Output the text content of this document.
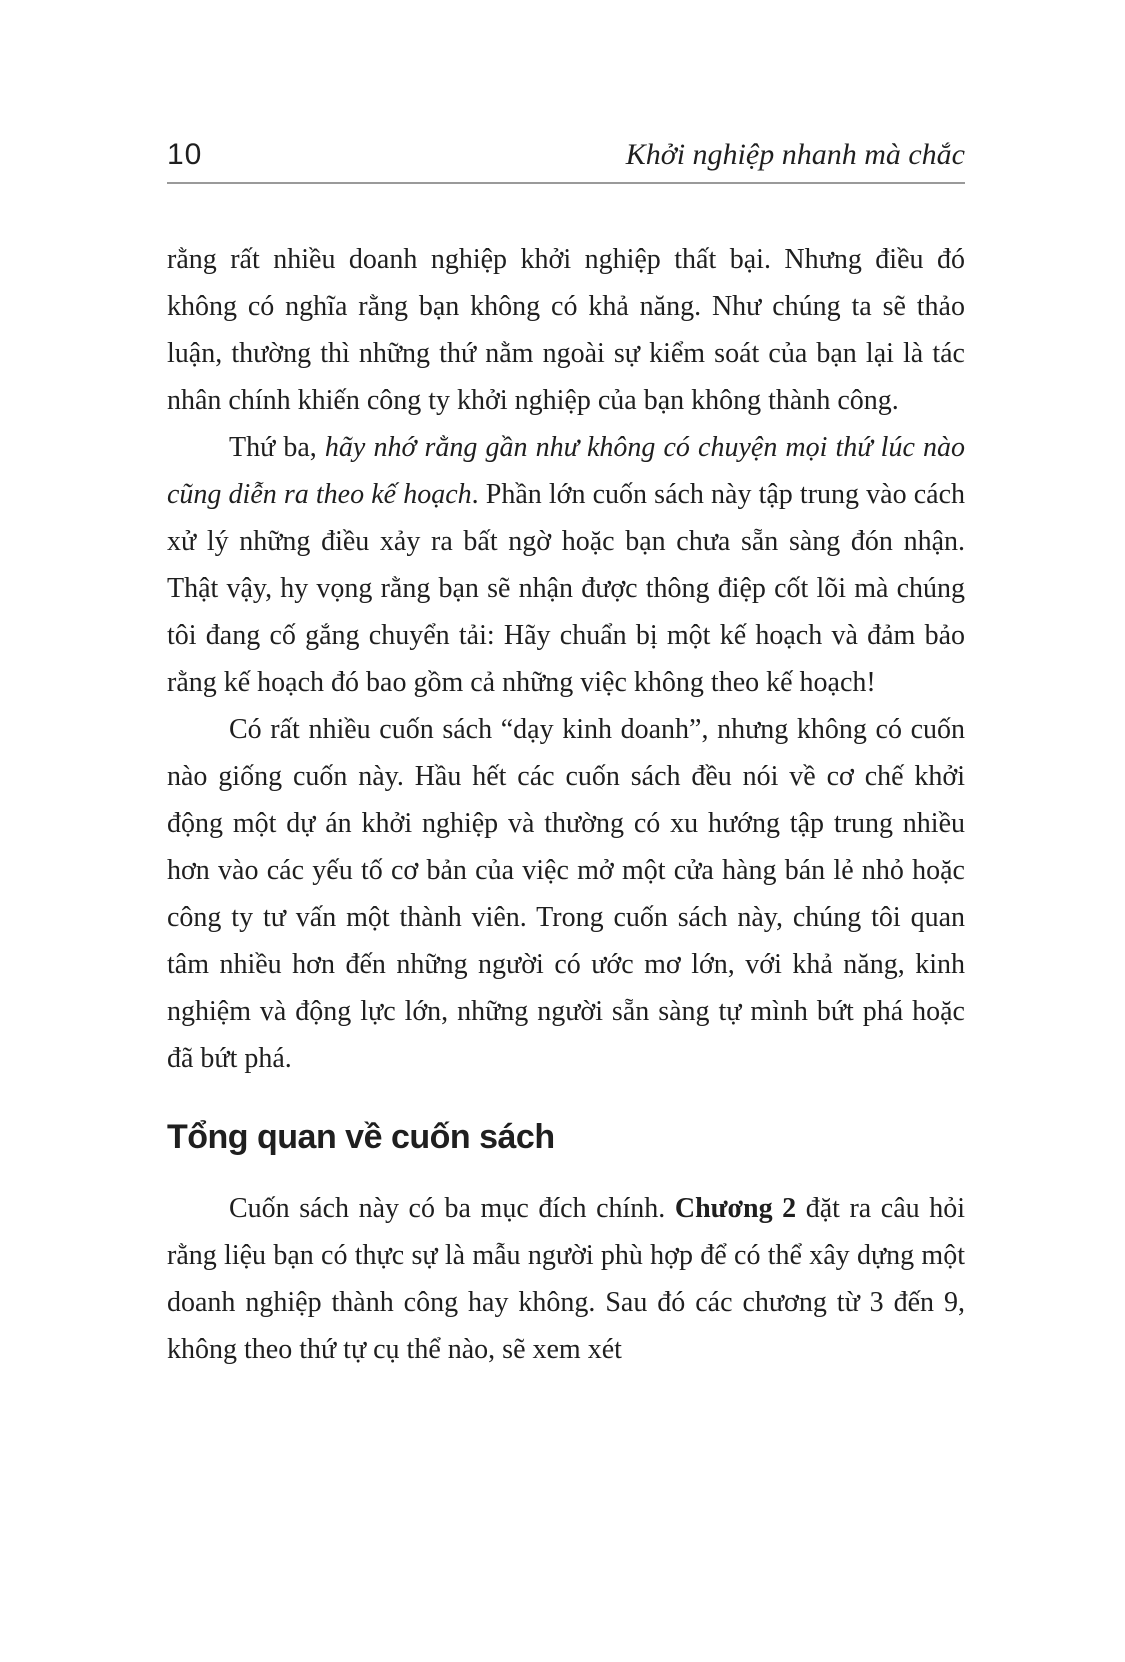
10	Khởi nghiệp nhanh mà chắc

rằng rất nhiều doanh nghiệp khởi nghiệp thất bại. Nhưng điều đó không có nghĩa rằng bạn không có khả năng. Như chúng ta sẽ thảo luận, thường thì những thứ nằm ngoài sự kiểm soát của bạn lại là tác nhân chính khiến công ty khởi nghiệp của bạn không thành công.

Thứ ba, hãy nhớ rằng gần như không có chuyện mọi thứ lúc nào cũng diễn ra theo kế hoạch. Phần lớn cuốn sách này tập trung vào cách xử lý những điều xảy ra bất ngờ hoặc bạn chưa sẵn sàng đón nhận. Thật vậy, hy vọng rằng bạn sẽ nhận được thông điệp cốt lõi mà chúng tôi đang cố gắng chuyển tải: Hãy chuẩn bị một kế hoạch và đảm bảo rằng kế hoạch đó bao gồm cả những việc không theo kế hoạch!

Có rất nhiều cuốn sách “dạy kinh doanh”, nhưng không có cuốn nào giống cuốn này. Hầu hết các cuốn sách đều nói về cơ chế khởi động một dự án khởi nghiệp và thường có xu hướng tập trung nhiều hơn vào các yếu tố cơ bản của việc mở một cửa hàng bán lẻ nhỏ hoặc công ty tư vấn một thành viên. Trong cuốn sách này, chúng tôi quan tâm nhiều hơn đến những người có ước mơ lớn, với khả năng, kinh nghiệm và động lực lớn, những người sẵn sàng tự mình bứt phá hoặc đã bứt phá.

Tổng quan về cuốn sách

Cuốn sách này có ba mục đích chính. Chương 2 đặt ra câu hỏi rằng liệu bạn có thực sự là mẫu người phù hợp để có thể xây dựng một doanh nghiệp thành công hay không. Sau đó các chương từ 3 đến 9, không theo thứ tự cụ thể nào, sẽ xem xét
